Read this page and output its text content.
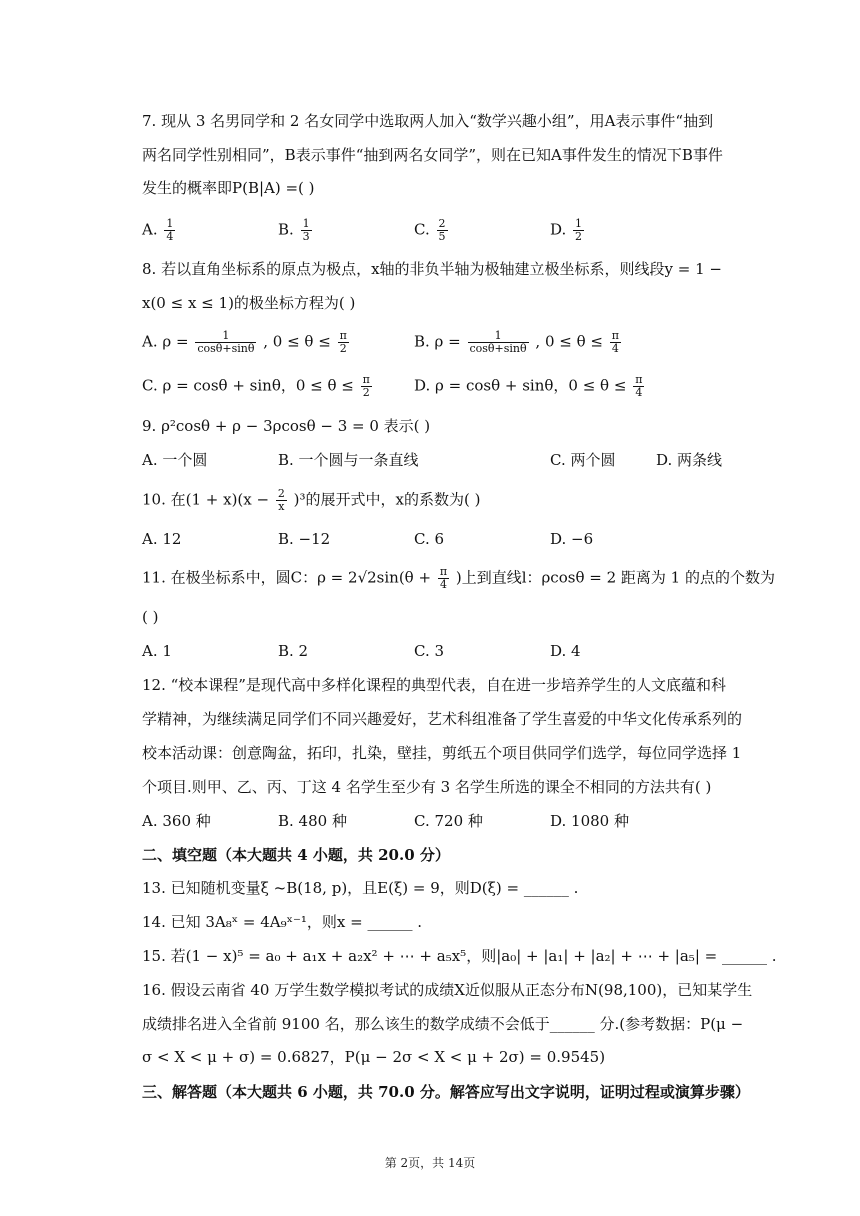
7. 现从 3 名男同学和 2 名女同学中选取两人加入“数学兴趣小组”，用A表示事件“抽到
两名同学性别相同”，B表示事件“抽到两名女同学”，则在已知A事件发生的情况下B事件
发生的概率即P(B|A) =( )
A. $\frac{1}{4}$	B. $\frac{1}{3}$	C. $\frac{2}{5}$	D. $\frac{1}{2}$
8. 若以直角坐标系的原点为极点，x轴的非负半轴为极轴建立极坐标系，则线段y = 1 −
x(0 ≤ x ≤ 1)的极坐标方程为( )
A. $\rho = \frac{1}{\cos\theta+\sin\theta}$ , $0 \le \theta \le \frac{\pi}{2}$	B. $\rho = \frac{1}{\cos\theta+\sin\theta}$ , $0 \le \theta \le \frac{\pi}{4}$
C. ρ = cosθ + sinθ，$0 \le \theta \le \frac{\pi}{2}$	D. ρ = cosθ + sinθ，$0 \le \theta \le \frac{\pi}{4}$
9. ρ²cosθ + ρ − 3ρcosθ − 3 = 0 表示( )
A. 一个圆	B. 一个圆与一条直线	C. 两个圆	D. 两条线
10. 在$(1 + x)(x - \frac{2}{x} )^3$的展开式中，x的系数为( )
A. 12	B. −12	C. 6	D. −6
11. 在极坐标系中，圆C：$\rho = 2√2\sin(\theta + \frac{\pi}{4}$ )上到直线l：ρcosθ = 2 距离为 1 的点的个数为
( )
A. 1	B. 2	C. 3	D. 4
12. “校本课程”是现代高中多样化课程的典型代表，自在进一步培养学生的人文底蕴和科
学精神，为继续满足同学们不同兴趣爱好，艺术科组准备了学生喜爱的中华文化传承系列的
校本活动课：创意陶盆，拓印，扎染，壁挂，剪纸五个项目供同学们选学，每位同学选择 1
个项目.则甲、乙、丙、丁这 4 名学生至少有 3 名学生所选的课全不相同的方法共有( )
A. 360 种	B. 480 种	C. 720 种	D. 1080 种
二、填空题（本大题共 4 小题，共 20.0 分）
13. 已知随机变量ξ ~B(18, p)，且E(ξ) = 9，则D(ξ) = ______ .
14. 已知 3A₈ˣ = 4A₉ˣ⁻¹，则x = ______ .
15. 若(1 − x)⁵ = a₀ + a₁x + a₂x² + ⋯ + a₅x⁵，则|a₀| + |a₁| + |a₂| + ⋯ + |a₅| = ______ .
16. 假设云南省 40 万学生数学模拟考试的成绩X近似服从正态分布N(98,100)，已知某学生
成绩排名进入全省前 9100 名，那么该生的数学成绩不会低于______ 分.(参考数据：P(μ −
σ < X < μ + σ) = 0.6827，P(μ − 2σ < X < μ + 2σ) = 0.9545)
三、解答题（本大题共 6 小题，共 70.0 分。解答应写出文字说明，证明过程或演算步骤）
第 2页，共 14页
